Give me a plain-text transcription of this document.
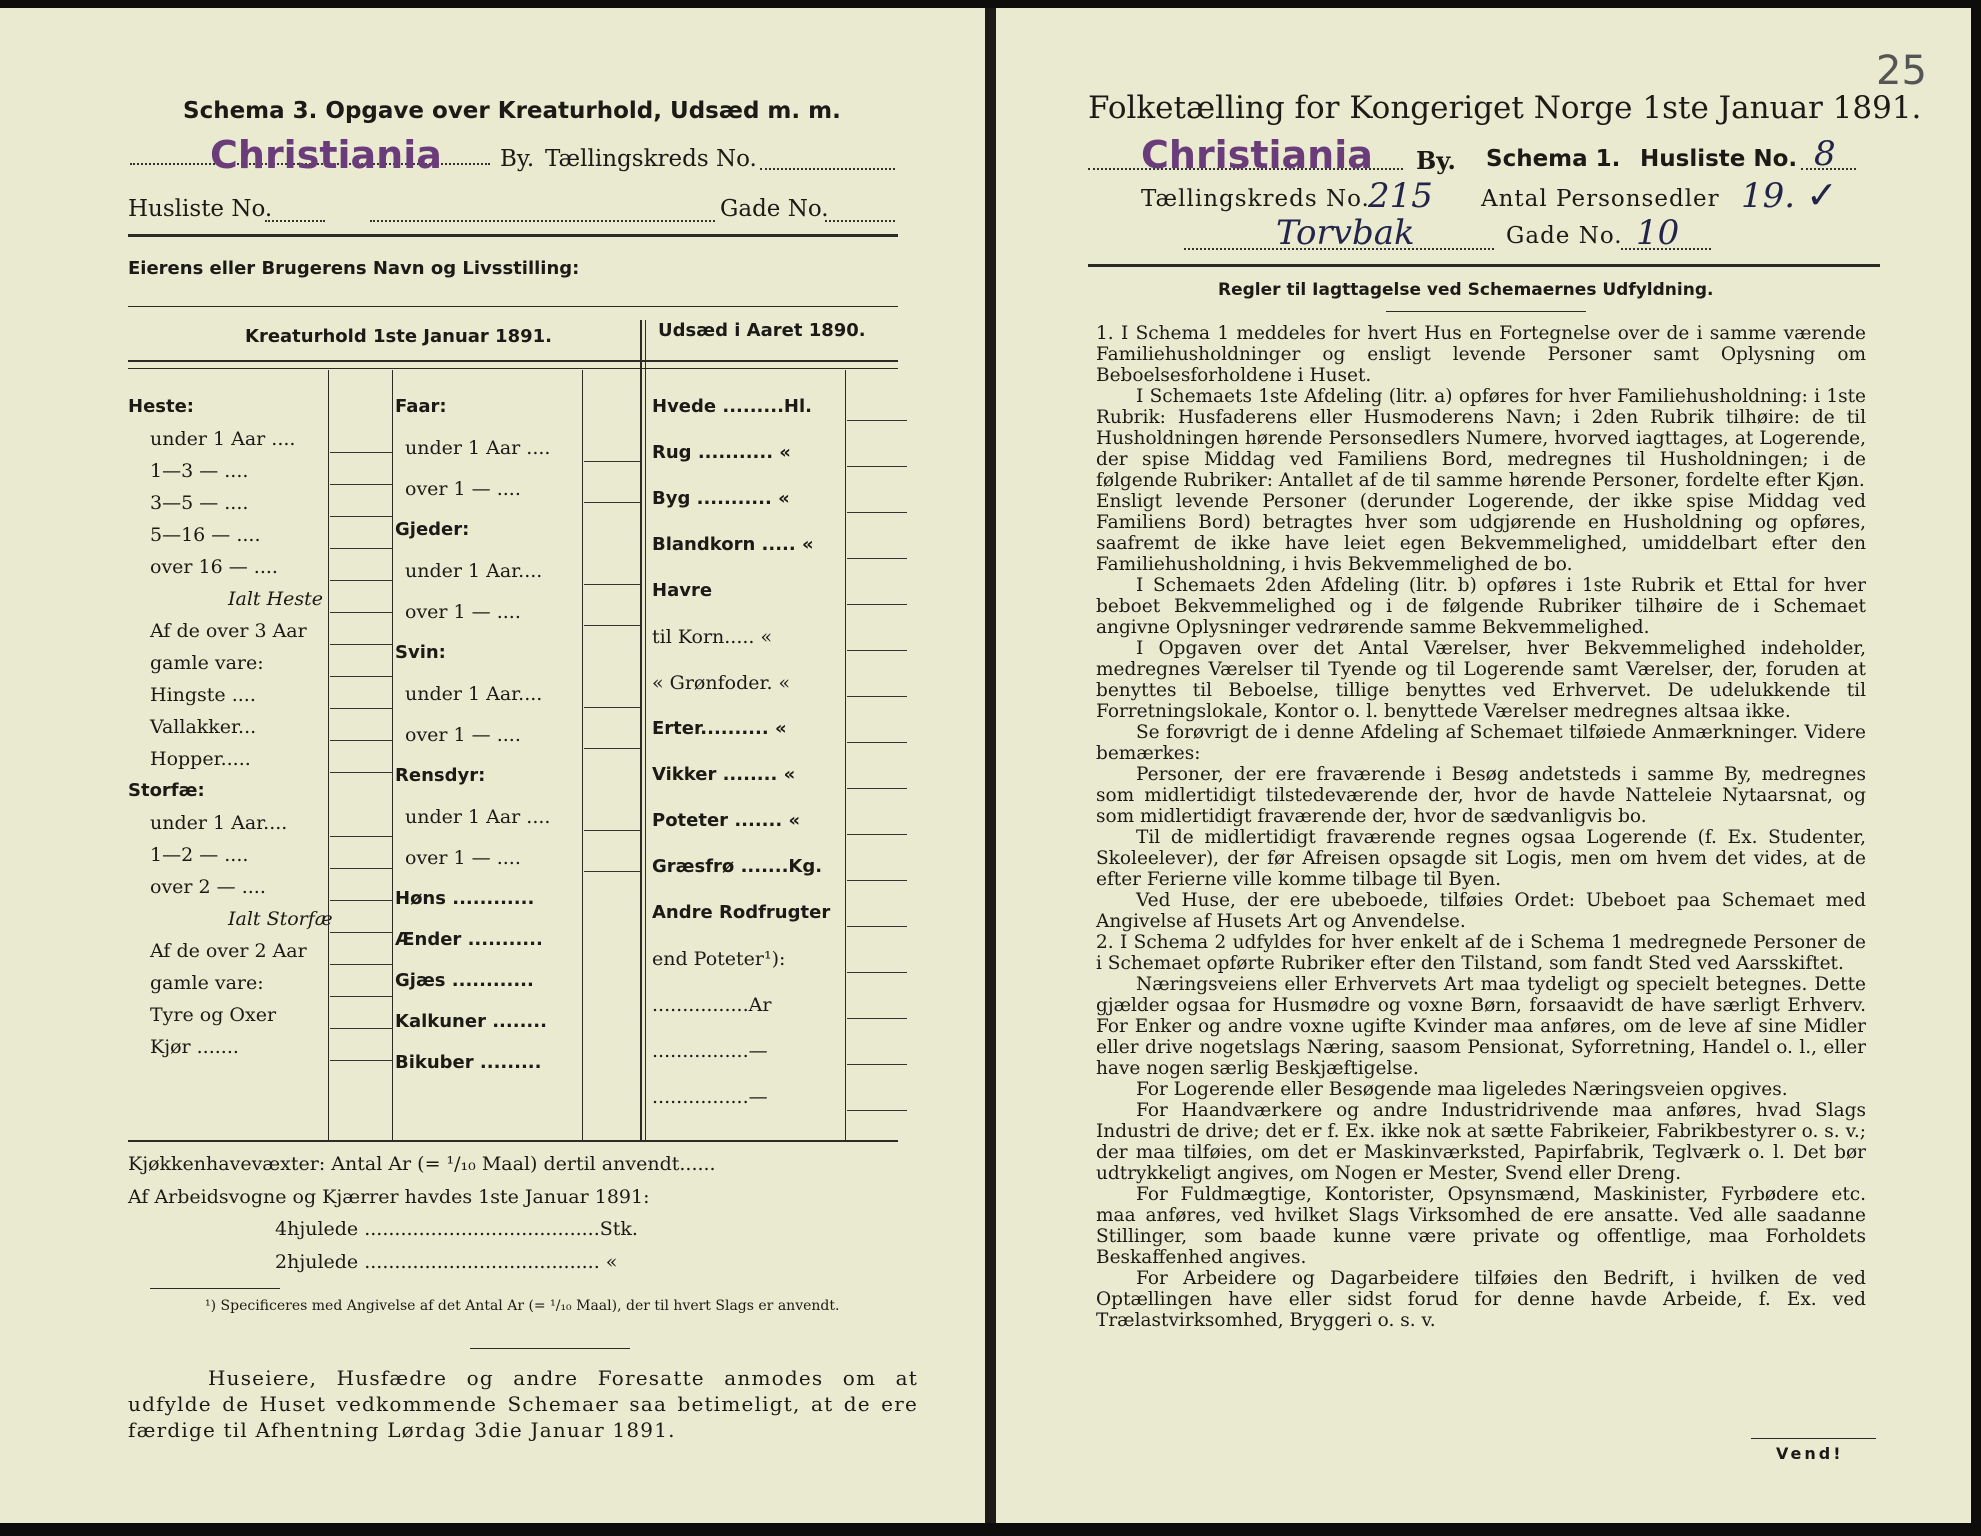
Schema 3. Opgave over Kreaturhold, Udsæd m. m.
Christiania	By. Tællingskreds No.
Husliste No.	Gade No.
Eierens eller Brugerens Navn og Livsstilling:
Kreaturhold 1ste Januar 1891.	Udsæd i Aaret 1890.
Kjøkkenhavevæxter: Antal Ar (= ¹/₁₀ Maal) dertil anvendt......
Af Arbeidsvogne og Kjærrer havdes 1ste Januar 1891:
4hjulede .......................................Stk.
2hjulede ....................................... «
¹) Specificeres med Angivelse af det Antal Ar (= ¹/₁₀ Maal), der til hvert Slags er anvendt.
Huseiere, Husfædre og andre Foresatte anmodes om at udfylde de Huset vedkommende Schemaer saa betimeligt, at de ere færdige til Afhentning Lørdag 3die Januar 1891.
Heste:
under 1 Aar ....
1—3 — ....
3—5 — ....
5—16 — ....
over 16 — ....
Ialt Heste
Af de over 3 Aar
gamle vare:
Hingste ....
Vallakker...
Hopper.....
Storfæ:
under 1 Aar....
1—2 — ....
over 2 — ....
Ialt Storfæ
Af de over 2 Aar
gamle vare:
Tyre og Oxer
Kjør .......
Faar:
under 1 Aar ....
over 1 — ....
Gjeder:
under 1 Aar....
over 1 — ....
Svin:
under 1 Aar....
over 1 — ....
Rensdyr:
under 1 Aar ....
over 1 — ....
Høns ............
Ænder ...........
Gjæs ............
Kalkuner ........
Bikuber .........
Hvede .........Hl.
Rug ........... «
Byg ........... «
Blandkorn ..... «
Havre
til Korn..... «
« Grønfoder. «
Erter.......... «
Vikker ........ «
Poteter ....... «
Græsfrø .......Kg.
Andre Rodfrugter
end Poteter¹):
................Ar
................—
................—
25
Folketælling for Kongeriget Norge 1ste Januar 1891.
Christiania By. Schema 1. Husliste No. 8
Tællingskreds No.
215 Antal Personsedler 19. ✓
Torvbak	Gade No. 10
Regler til Iagttagelse ved Schemaernes Udfyldning.

1. I Schema 1 meddeles for hvert Hus en Fortegnelse over de i samme værende Familiehusholdninger og ensligt levende Personer samt Oplysning om Beboelsesforholdene i Huset.

I Schemaets 1ste Afdeling (litr. a) opføres for hver Familiehusholdning: i 1ste Rubrik: Husfaderens eller Husmoderens Navn; i 2den Rubrik tilhøire: de til Husholdningen hørende Personsedlers Numere, hvorved iagttages, at Logerende, der spise Middag ved Familiens Bord, medregnes til Husholdningen; i de følgende Rubriker: Antallet af de til samme hørende Personer, fordelte efter Kjøn.

Ensligt levende Personer (derunder Logerende, der ikke spise Middag ved Familiens Bord) betragtes hver som udgjørende en Husholdning og opføres, saafremt de ikke have leiet egen Bekvemmelighed, umiddelbart efter den Familiehusholdning, i hvis Bekvemmelighed de bo.

I Schemaets 2den Afdeling (litr. b) opføres i 1ste Rubrik et Ettal for hver beboet Bekvemmelighed og i de følgende Rubriker tilhøire de i Schemaet angivne Oplysninger vedrørende samme Bekvemmelighed.

I Opgaven over det Antal Værelser, hver Bekvemmelighed indeholder, medregnes Værelser til Tyende og til Logerende samt Værelser, der, foruden at benyttes til Beboelse, tillige benyttes ved Erhvervet. De udelukkende til Forretningslokale, Kontor o. l. benyttede Værelser medregnes altsaa ikke.

Se forøvrigt de i denne Afdeling af Schemaet tilføiede Anmærkninger. Videre bemærkes:

Personer, der ere fraværende i Besøg andetsteds i samme By, medregnes som midlertidigt tilstedeværende der, hvor de havde Natteleie Nytaarsnat, og som midlertidigt fraværende der, hvor de sædvanligvis bo.

Til de midlertidigt fraværende regnes ogsaa Logerende (f. Ex. Studenter, Skoleelever), der før Afreisen opsagde sit Logis, men om hvem det vides, at de efter Ferierne ville komme tilbage til Byen.

Ved Huse, der ere ubeboede, tilføies Ordet: Ubeboet paa Schemaet med Angivelse af Husets Art og Anvendelse.

2. I Schema 2 udfyldes for hver enkelt af de i Schema 1 medregnede Personer de i Schemaet opførte Rubriker efter den Tilstand, som fandt Sted ved Aarsskiftet.

Næringsveiens eller Erhvervets Art maa tydeligt og specielt betegnes. Dette gjælder ogsaa for Husmødre og voxne Børn, forsaavidt de have særligt Erhverv. For Enker og andre voxne ugifte Kvinder maa anføres, om de leve af sine Midler eller drive nogetslags Næring, saasom Pensionat, Syforretning, Handel o. l., eller have nogen særlig Beskjæftigelse.

For Logerende eller Besøgende maa ligeledes Næringsveien opgives.

For Haandværkere og andre Industridrivende maa anføres, hvad Slags Industri de drive; det er f. Ex. ikke nok at sætte Fabrikeier, Fabrikbestyrer o. s. v.; der maa tilføies, om det er Maskinværksted, Papirfabrik, Teglværk o. l. Det bør udtrykkeligt angives, om Nogen er Mester, Svend eller Dreng.

For Fuldmægtige, Kontorister, Opsynsmænd, Maskinister, Fyrbødere etc. maa anføres, ved hvilket Slags Virksomhed de ere ansatte. Ved alle saadanne Stillinger, som baade kunne være private og offentlige, maa Forholdets Beskaffenhed angives.

For Arbeidere og Dagarbeidere tilføies den Bedrift, i hvilken de ved Optællingen have eller sidst forud for denne havde Arbeide, f. Ex. ved Trælastvirksomhed, Bryggeri o. s. v.

Vend!
